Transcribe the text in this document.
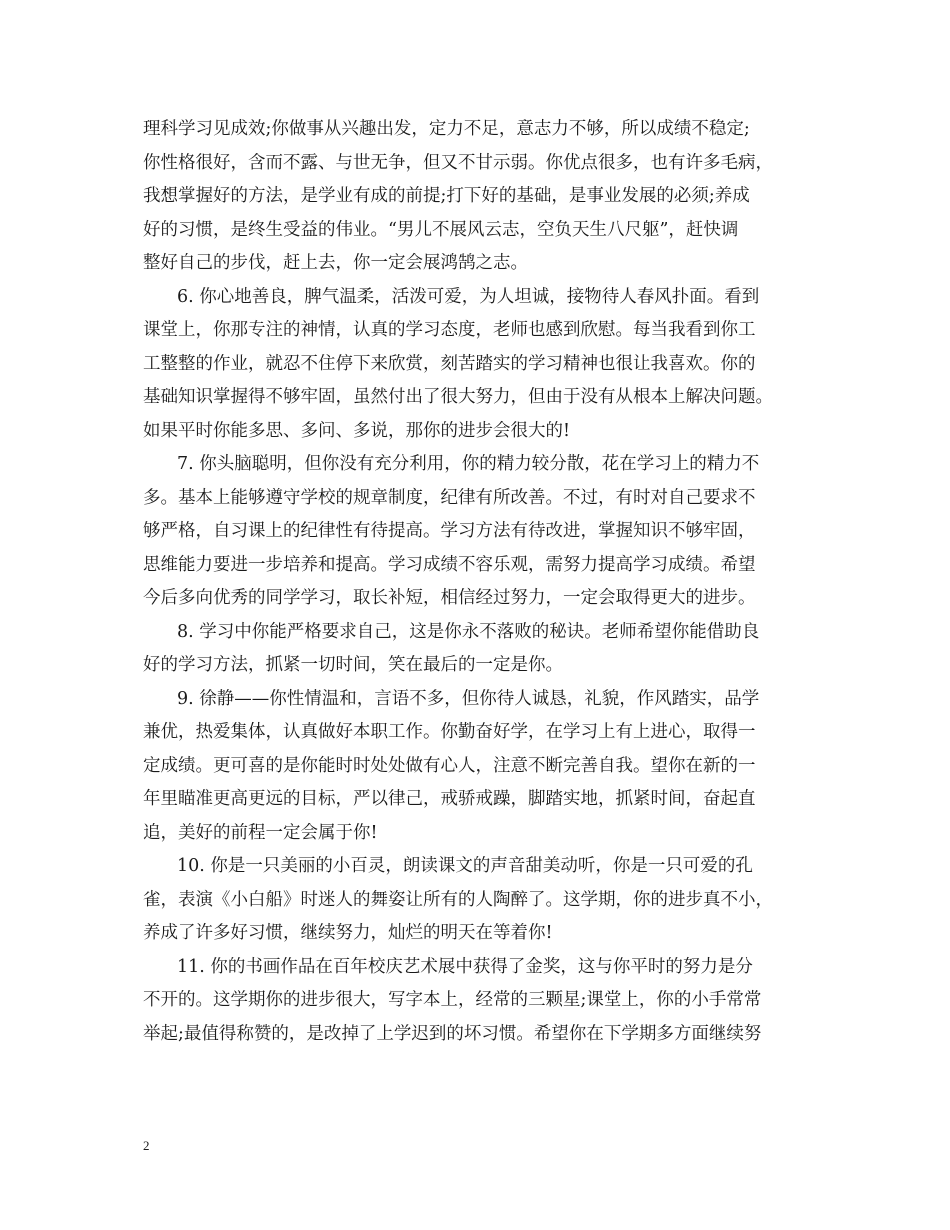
理科学习见成效;你做事从兴趣出发，定力不足，意志力不够，所以成绩不稳定;
你性格很好，含而不露、与世无争，但又不甘示弱。你优点很多，也有许多毛病，
我想掌握好的方法，是学业有成的前提;打下好的基础，是事业发展的必须;养成
好的习惯，是终生受益的伟业。“男儿不展风云志，空负天生八尺躯”，赶快调
整好自己的步伐，赶上去，你一定会展鸿鹄之志。
6. 你心地善良，脾气温柔，活泼可爱，为人坦诚，接物待人春风扑面。看到
课堂上，你那专注的神情，认真的学习态度，老师也感到欣慰。每当我看到你工
工整整的作业，就忍不住停下来欣赏，刻苦踏实的学习精神也很让我喜欢。你的
基础知识掌握得不够牢固，虽然付出了很大努力，但由于没有从根本上解决问题。
如果平时你能多思、多问、多说，那你的进步会很大的!
7. 你头脑聪明，但你没有充分利用，你的精力较分散，花在学习上的精力不
多。基本上能够遵守学校的规章制度，纪律有所改善。不过，有时对自己要求不
够严格，自习课上的纪律性有待提高。学习方法有待改进，掌握知识不够牢固，
思维能力要进一步培养和提高。学习成绩不容乐观，需努力提高学习成绩。希望
今后多向优秀的同学学习，取长补短，相信经过努力，一定会取得更大的进步。
8. 学习中你能严格要求自己，这是你永不落败的秘诀。老师希望你能借助良
好的学习方法，抓紧一切时间，笑在最后的一定是你。
9. 徐静——你性情温和，言语不多，但你待人诚恳，礼貌，作风踏实，品学
兼优，热爱集体，认真做好本职工作。你勤奋好学，在学习上有上进心，取得一
定成绩。更可喜的是你能时时处处做有心人，注意不断完善自我。望你在新的一
年里瞄准更高更远的目标，严以律己，戒骄戒躁，脚踏实地，抓紧时间，奋起直
追，美好的前程一定会属于你!
10. 你是一只美丽的小百灵，朗读课文的声音甜美动听，你是一只可爱的孔
雀，表演《小白船》时迷人的舞姿让所有的人陶醉了。这学期，你的进步真不小，
养成了许多好习惯，继续努力，灿烂的明天在等着你!
11. 你的书画作品在百年校庆艺术展中获得了金奖，这与你平时的努力是分
不开的。这学期你的进步很大，写字本上，经常的三颗星;课堂上，你的小手常常
举起;最值得称赞的，是改掉了上学迟到的坏习惯。希望你在下学期多方面继续努
2
